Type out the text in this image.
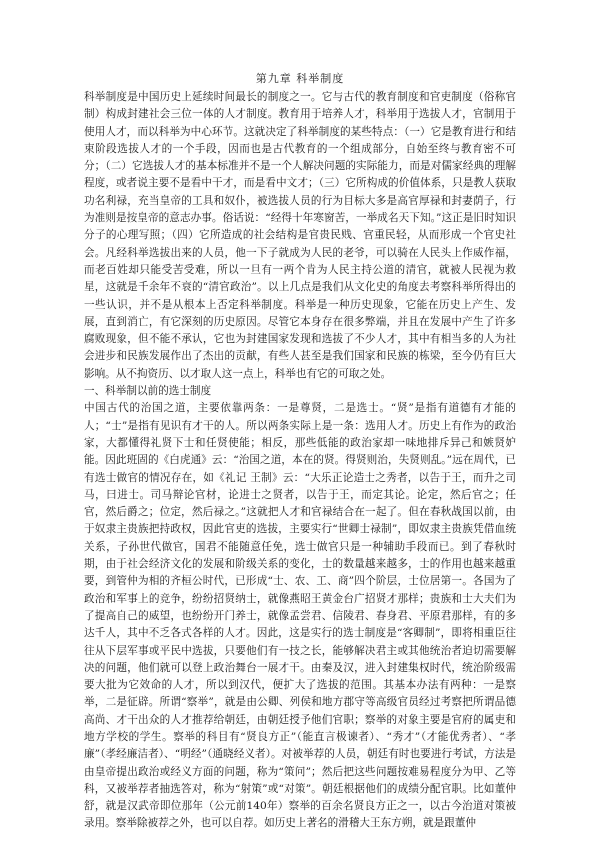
第九章 科举制度

科举制度是中国历史上延续时间最长的制度之一。它与古代的教育制度和官吏制度（俗称官制）构成封建社会三位一体的人才制度。教育用于培养人才，科举用于选拔人才，官制用于使用人才，而以科举为中心环节。这就决定了科举制度的某些特点：（一）它是教育进行和结束阶段选拔人才的一个手段，因而也是古代教育的一个组成部分，自始至终与教育密不可分；（二）它选拔人才的基本标准并不是一个人解决问题的实际能力，而是对儒家经典的理解程度，或者说主要不是看中干才，而是看中文才；（三）它所构成的价值体系，只是教人获取功名利禄，充当皇帝的工具和奴仆，被选拔人员的行为目标大多是高官厚禄和封妻荫子，行为准则是按皇帝的意志办事。俗话说：“经得十年寒窗苦，一举成名天下知。”这正是旧时知识分子的心理写照；（四）它所造成的社会结构是官贵民贱、官重民轻，从而形成一个官史社会。凡经科举选拔出来的人员，他一下子就成为人民的老爷，可以骑在人民头上作威作福，而老百姓却只能受苦受难，所以一旦有一两个肯为人民主持公道的清官，就被人民视为救星，这就是千余年不衰的“清官政治”。以上几点是我们从文化史的角度去考察科举所得出的一些认识，并不是从根本上否定科举制度。科举是一种历史现象，它能在历史上产生、发展，直到消亡，有它深刻的历史原因。尽管它本身存在很多弊端，并且在发展中产生了许多腐败现象，但不能不承认，它也为封建国家发现和选拔了不少人才，其中有相当多的人为社会进步和民族发展作出了杰出的贡献，有些人甚至是我们国家和民族的栋梁，至今仍有巨大影响。从不拘资历、以才取人这一点上，科举也有它的可取之处。

一、科举制以前的选士制度

中国古代的治国之道，主要依靠两条：一是尊贤，二是选士。“贤”是指有道德有才能的人；“士”是指有见识有才干的人。所以两条实际上是一条：选用人才。历史上有作为的政治家，大都懂得礼贤下士和任贤使能；相反，那些低能的政治家却一味地排斥异己和嫉贤妒能。因此班固的《白虎通》云：“治国之道，本在的贤。得贤则治，失贤则乱。”远在周代，已有选士做官的情况存在，如《礼记 王制》云：“大乐正论造士之秀者，以告于王，而升之司马，曰进士。司马辩论官材，论进士之贤者，以告于王，而定其论。论定，然后官之；任官，然后爵之；位定，然后禄之。”这就把人才和官禄结合在一起了。但在春秋战国以前，由于奴隶主贵族把持政权，因此官吏的选拔，主要实行“世卿士禄制”，即奴隶主贵族凭借血统关系，子孙世代做官，国君不能随意任免，选士做官只是一种辅助手段而已。到了春秋时期，由于社会经济文化的发展和阶级关系的变化，士的数量越来越多，士的作用也越来越重要，到管仲为相的齐桓公时代，已形成“士、农、工、商”四个阶层，士位居第一。各国为了政治和军事上的竞争，纷纷招贤纳士，就像燕昭王黄金台广招贤才那样；贵族和士大夫们为了提高自己的威望，也纷纷开门养士，就像孟尝君、信陵君、春身君、平原君那样，有的多达千人，其中不乏各式各样的人才。因此，这是实行的选士制度是“客卿制”，即将相重臣往往从下层军事或平民中选拔，只要他们有一技之长，能够解决君主或其他统治者迫切需要解决的问题，他们就可以登上政治舞台一展才干。由秦及汉，进入封建集权时代，统治阶级需要大批为它效命的人才，所以到汉代，便扩大了选拔的范围。其基本办法有两种：一是察举，二是征辟。所谓“察举”，就是由公卿、列侯和地方郡守等高级官员经过考察把所谓品德高尚、才干出众的人才推荐给朝廷，由朝廷授予他们官职；察举的对象主要是官府的属吏和地方学校的学生。察举的科目有“贤良方正”（能直言极谏者）、“秀才”（才能优秀者）、“孝廉”（孝经廉洁者）、“明经”（通晓经义者）。对被举荐的人员，朝廷有时也要进行考试，方法是由皇帝提出政治或经义方面的问题，称为“策问”；然后把这些问题按难易程度分为甲、乙等科，又被举荐者抽选答对，称为“射策”或“对策”。朝廷根据他们的成绩分配官职。比如董仲舒，就是汉武帝即位那年（公元前140年）察举的百余名贤良方正之一，以古今治道对策被录用。察举除被荐之外，也可以自荐。如历史上著名的滑稽大王东方朔，就是跟董仲
